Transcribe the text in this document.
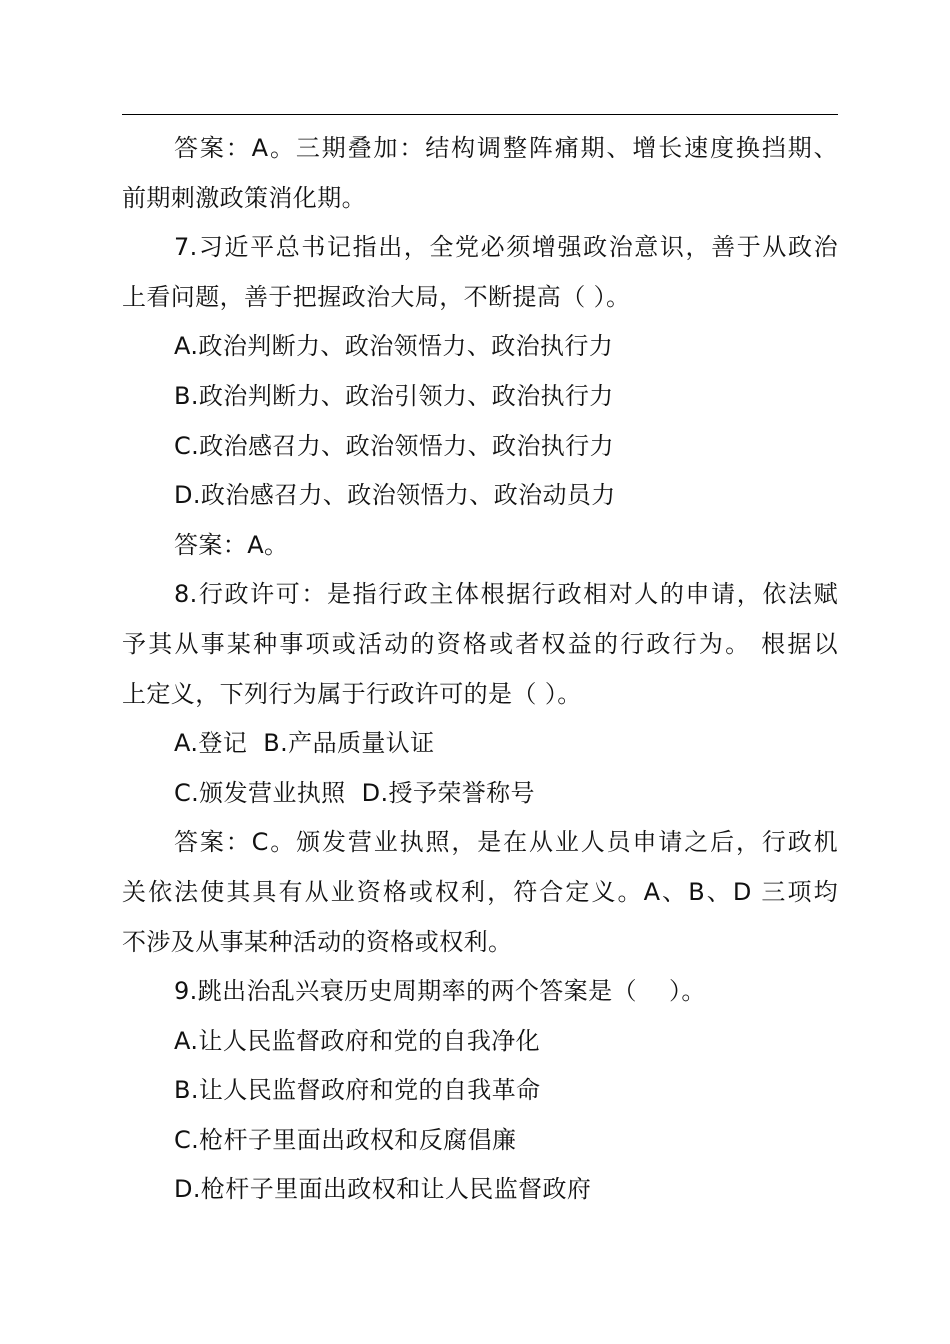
答案：A。三期叠加：结构调整阵痛期、增长速度换挡期、
前期刺激政策消化期。
7.习近平总书记指出，全党必须增强政治意识，善于从政治
上看问题，善于把握政治大局，不断提高（ ）。
A.政治判断力、政治领悟力、政治执行力
B.政治判断力、政治引领力、政治执行力
C.政治感召力、政治领悟力、政治执行力
D.政治感召力、政治领悟力、政治动员力
答案：A。
8.行政许可：是指行政主体根据行政相对人的申请，依法赋
予其从事某种事项或活动的资格或者权益的行政行为。 根据以
上定义，下列行为属于行政许可的是（ ）。
A.登记  B.产品质量认证
C.颁发营业执照  D.授予荣誉称号
答案：C。颁发营业执照，是在从业人员申请之后，行政机
关依法使其具有从业资格或权利，符合定义。A、B、D 三项均
不涉及从事某种活动的资格或权利。
9.跳出治乱兴衰历史周期率的两个答案是（    ）。
A.让人民监督政府和党的自我净化
B.让人民监督政府和党的自我革命
C.枪杆子里面出政权和反腐倡廉
D.枪杆子里面出政权和让人民监督政府
